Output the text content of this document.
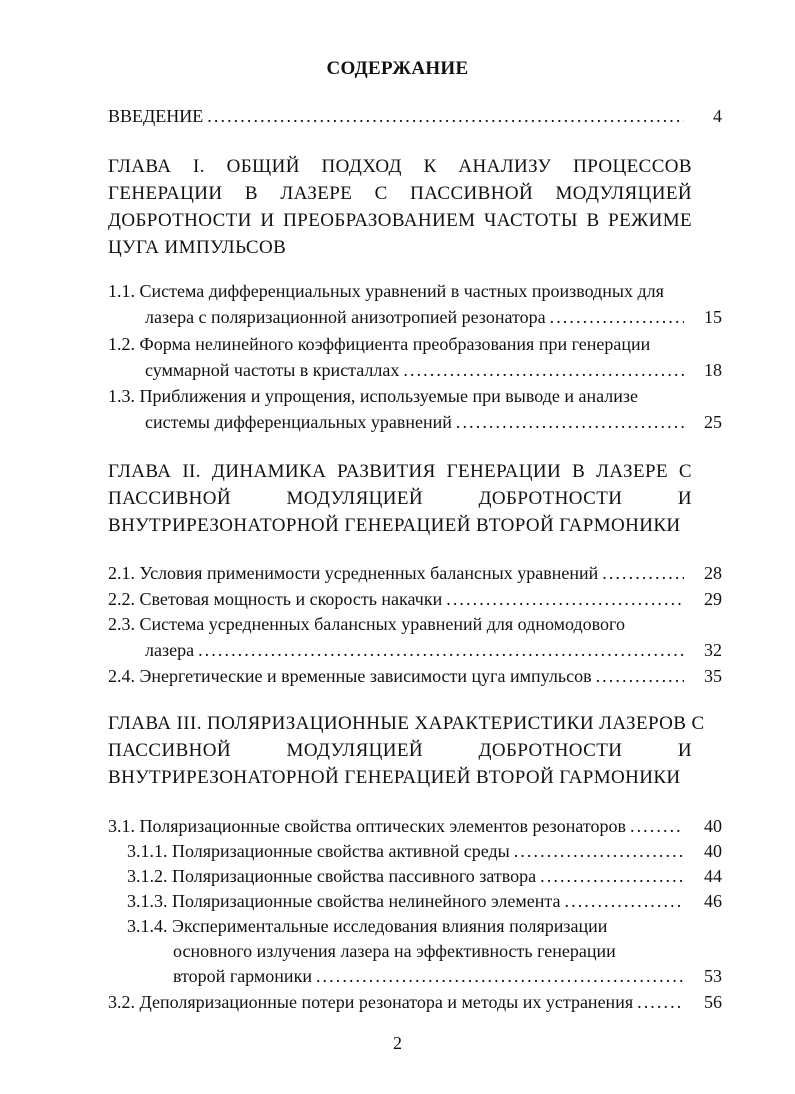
СОДЕРЖАНИЕ
ВВЕДЕНИЕ . . .	4
ГЛАВА I. ОБЩИЙ ПОДХОД К АНАЛИЗУ ПРОЦЕССОВ
ГЕНЕРАЦИИ В ЛАЗЕРЕ С ПАССИВНОЙ МОДУЛЯЦИЕЙ
ДОБРОТНОСТИ И ПРЕОБРАЗОВАНИЕМ ЧАСТОТЫ В РЕЖИМЕ
ЦУГА ИМПУЛЬСОВ
1.1. Система дифференциальных уравнений в частных производных для
лазера с поляризационной анизотропией резонатора . . .	15
1.2. Форма нелинейного коэффициента преобразования при генерации
суммарной частоты в кристаллах . . .	18
1.3. Приближения и упрощения, используемые при выводе и анализе
системы дифференциальных уравнений . . .	25
ГЛАВА II. ДИНАМИКА РАЗВИТИЯ ГЕНЕРАЦИИ В ЛАЗЕРЕ С
ПАССИВНОЙ МОДУЛЯЦИЕЙ ДОБРОТНОСТИ И
ВНУТРИРЕЗОНАТОРНОЙ ГЕНЕРАЦИЕЙ ВТОРОЙ ГАРМОНИКИ
2.1. Условия применимости усредненных балансных уравнений . . .	28
2.2. Световая мощность и скорость накачки . . .	29
2.3. Система усредненных балансных уравнений для одномодового
лазера . . .	32
2.4. Энергетические и временные зависимости цуга импульсов . . .	35
ГЛАВА III. ПОЛЯРИЗАЦИОННЫЕ ХАРАКТЕРИСТИКИ ЛАЗЕРОВ С
ПАССИВНОЙ МОДУЛЯЦИЕЙ ДОБРОТНОСТИ И
ВНУТРИРЕЗОНАТОРНОЙ ГЕНЕРАЦИЕЙ ВТОРОЙ ГАРМОНИКИ
3.1. Поляризационные свойства оптических элементов резонаторов . . .	40
3.1.1. Поляризационные свойства активной среды . . .	40
3.1.2. Поляризационные свойства пассивного затвора . . .	44
3.1.3. Поляризационные свойства нелинейного элемента . . .	46
3.1.4. Экспериментальные исследования влияния поляризации
основного излучения лазера на эффективность генерации
второй гармоники . . .	53
3.2. Деполяризационные потери резонатора и методы их устранения . . .	56
2
